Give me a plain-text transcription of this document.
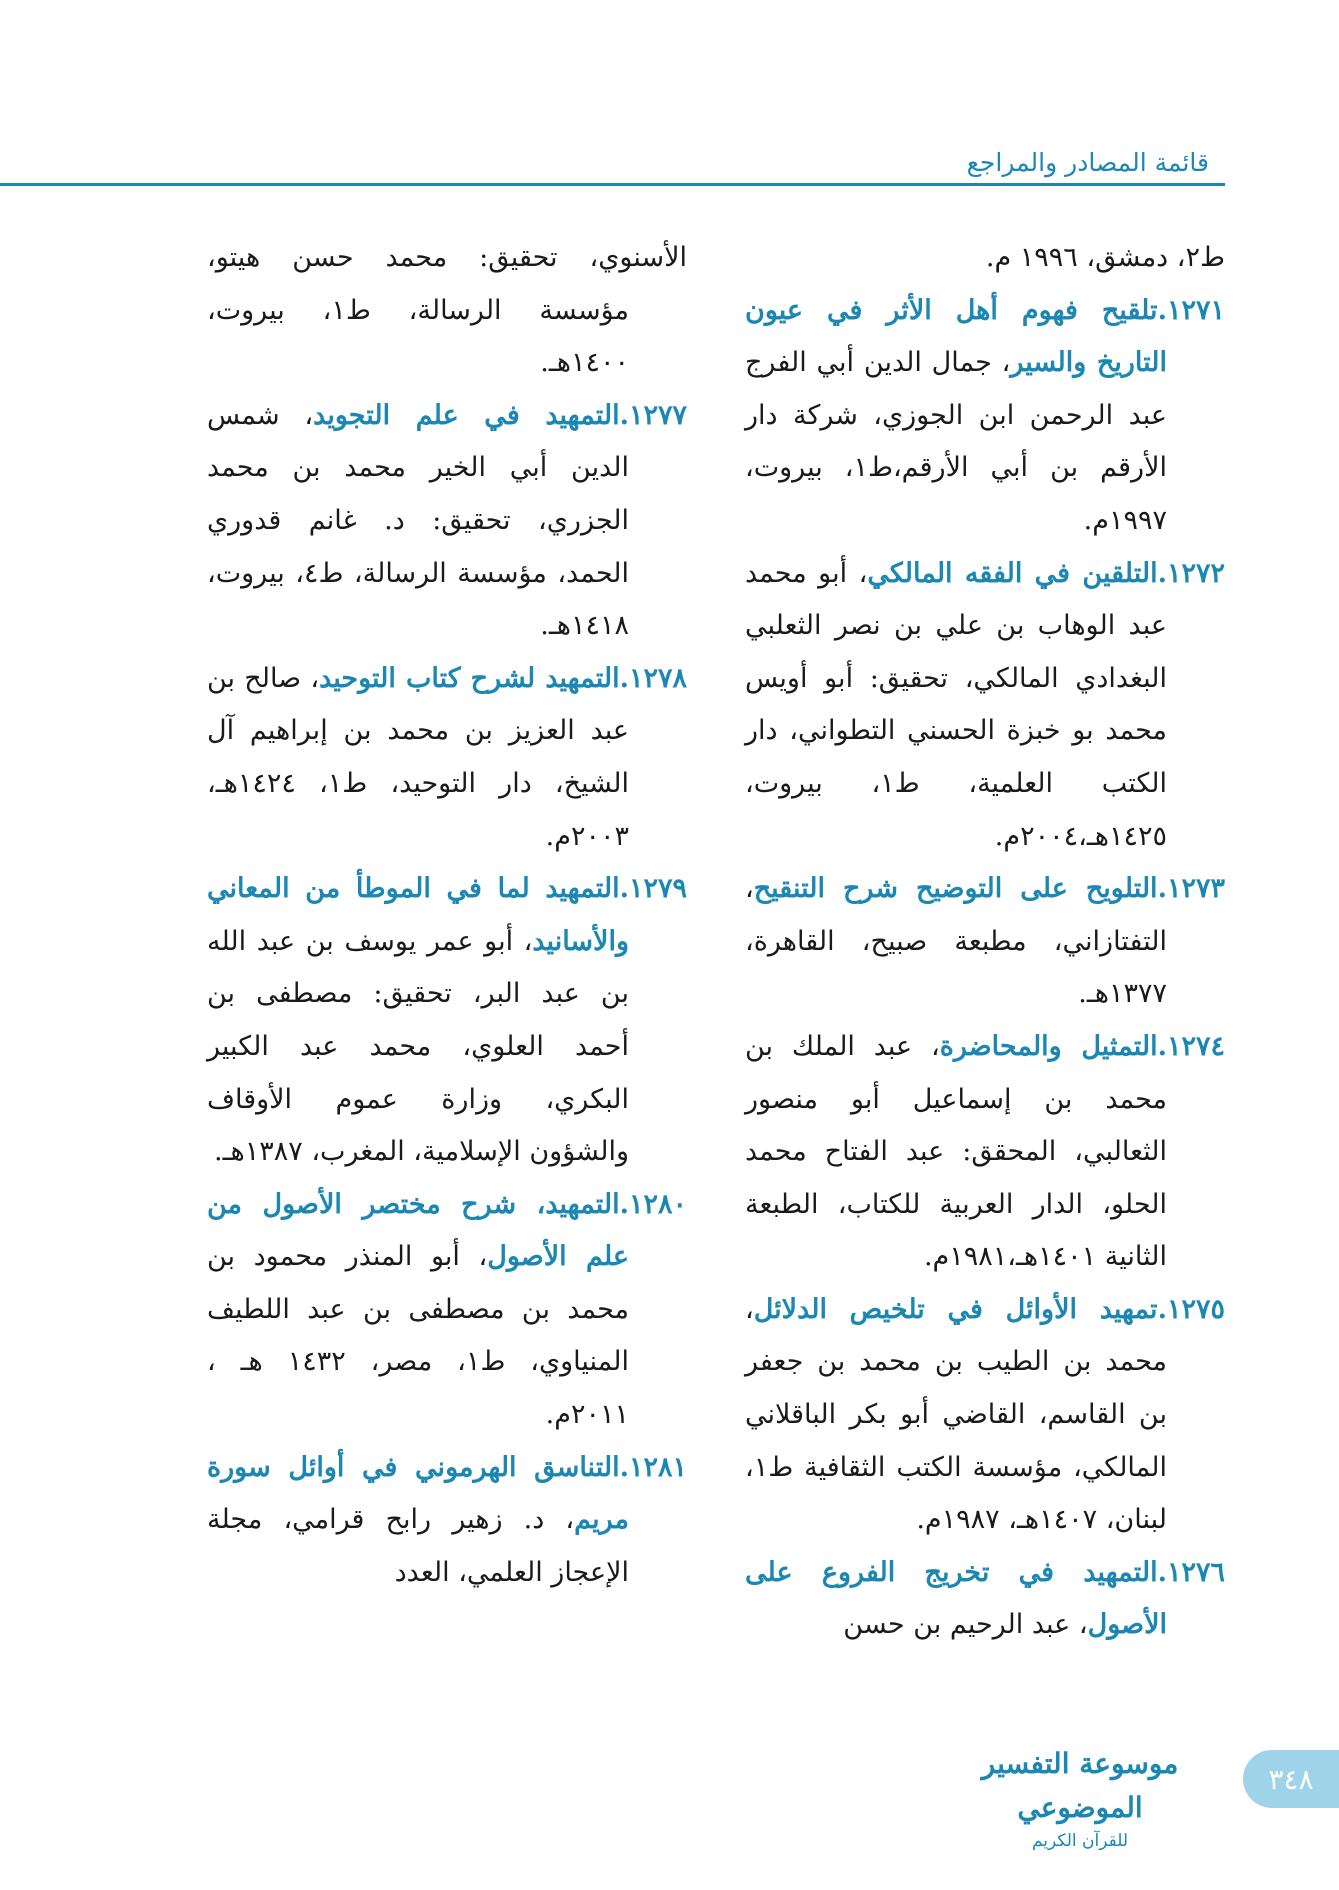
قائمة المصادر والمراجع
ط٢، دمشق، ١٩٩٦ م.
١٢٧١.تلقيح فهوم أهل الأثر في عيون التاريخ والسير، جمال الدين أبي الفرج عبد الرحمن ابن الجوزي، شركة دار الأرقم بن أبي الأرقم،ط١، بيروت، ١٩٩٧م.
١٢٧٢.التلقين في الفقه المالكي، أبو محمد عبد الوهاب بن علي بن نصر الثعلبي البغدادي المالكي، تحقيق: أبو أويس محمد بو خبزة الحسني التطواني، دار الكتب العلمية، ط١، بيروت، ١٤٢٥هـ،٢٠٠٤م.
١٢٧٣.التلويح على التوضيح شرح التنقيح، التفتازاني، مطبعة صبيح، القاهرة، ١٣٧٧هـ.
١٢٧٤.التمثيل والمحاضرة، عبد الملك بن محمد بن إسماعيل أبو منصور الثعالبي، المحقق: عبد الفتاح محمد الحلو، الدار العربية للكتاب، الطبعة الثانية ١٤٠١هـ،١٩٨١م.
١٢٧٥.تمهيد الأوائل في تلخيص الدلائل، محمد بن الطيب بن محمد بن جعفر بن القاسم، القاضي أبو بكر الباقلاني المالكي، مؤسسة الكتب الثقافية ط١، لبنان، ١٤٠٧هـ، ١٩٨٧م.
١٢٧٦.التمهيد في تخريج الفروع على الأصول، عبد الرحيم بن حسن
الأسنوي، تحقيق: محمد حسن هيتو، مؤسسة الرسالة، ط١، بيروت، ١٤٠٠هـ.
١٢٧٧.التمهيد في علم التجويد، شمس الدين أبي الخير محمد بن محمد الجزري، تحقيق: د. غانم قدوري الحمد، مؤسسة الرسالة، ط٤، بيروت، ١٤١٨هـ.
١٢٧٨.التمهيد لشرح كتاب التوحيد، صالح بن عبد العزيز بن محمد بن إبراهيم آل الشيخ، دار التوحيد، ط١، ١٤٢٤هـ، ٢٠٠٣م.
١٢٧٩.التمهيد لما في الموطأ من المعاني والأسانيد، أبو عمر يوسف بن عبد الله بن عبد البر، تحقيق: مصطفى بن أحمد العلوي، محمد عبد الكبير البكري، وزارة عموم الأوقاف والشؤون الإسلامية، المغرب، ١٣٨٧هـ.
١٢٨٠.التمهيد، شرح مختصر الأصول من علم الأصول، أبو المنذر محمود بن محمد بن مصطفى بن عبد اللطيف المنياوي، ط١، مصر، ١٤٣٢ هـ ، ٢٠١١م.
١٢٨١.التناسق الهرموني في أوائل سورة مريم، د. زهير رابح قرامي، مجلة الإعجاز العلمي، العدد
موسوعة التفسير الموضوعي
للقرآن الكريم
٣٤٨
